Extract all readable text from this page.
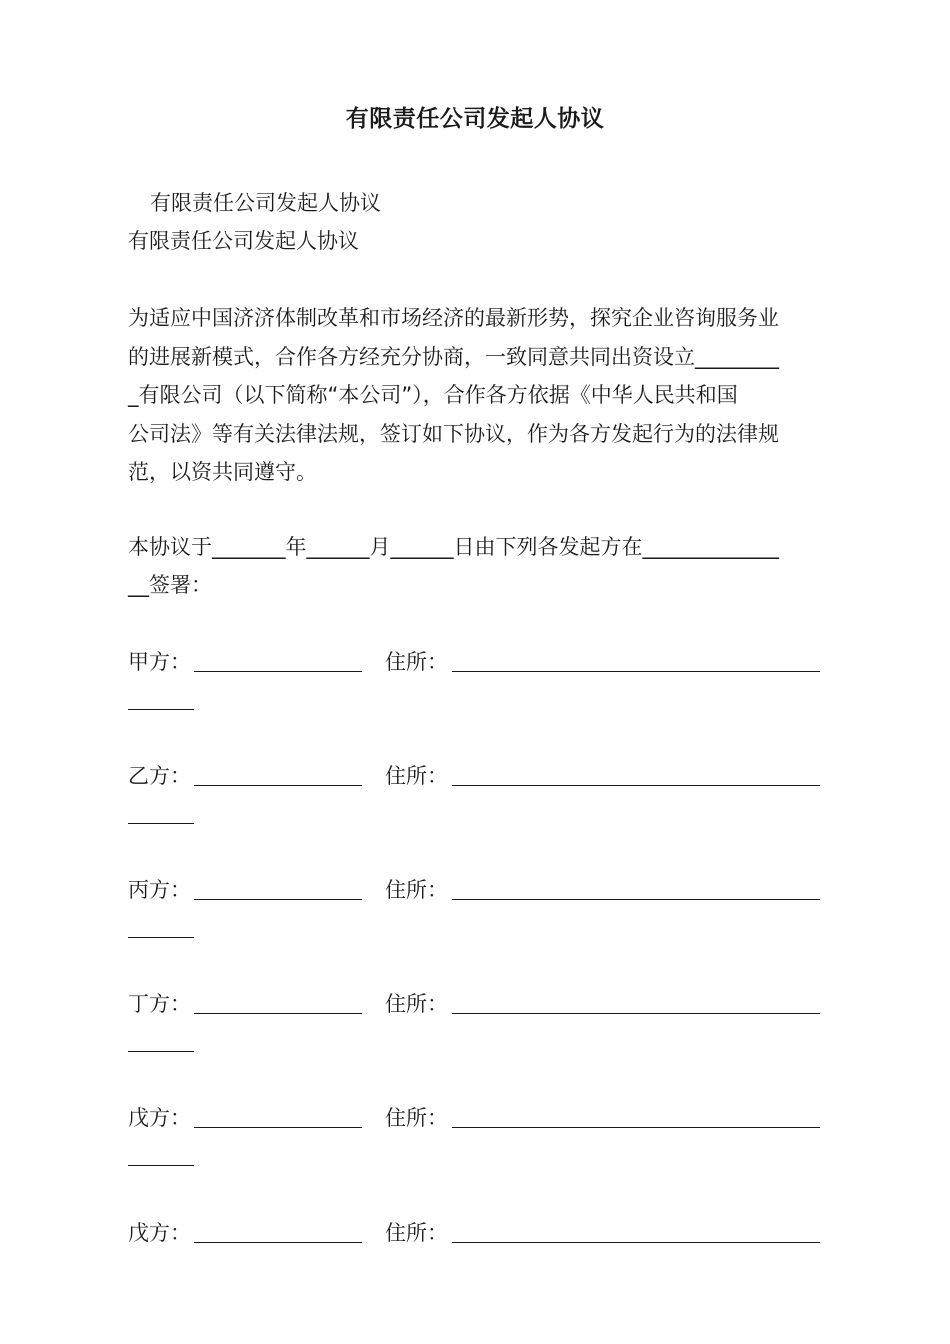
有限责任公司发起人协议
有限责任公司发起人协议
有限责任公司发起人协议
为适应中国济济体制改革和市场经济的最新形势，探究企业咨询服务业
的进展新模式，合作各方经充分协商，一致同意共同出资设立________
_有限公司（以下简称“本公司”），合作各方依据《中华人民共和国
公司法》等有关法律法规，签订如下协议，作为各方发起行为的法律规
范，以资共同遵守。
本协议于_______年______月______日由下列各发起方在_____________
__签署：
甲方：	住所：
乙方：	住所：
丙方：	住所：
丁方：	住所：
戊方：	住所：
戊方：	住所：
